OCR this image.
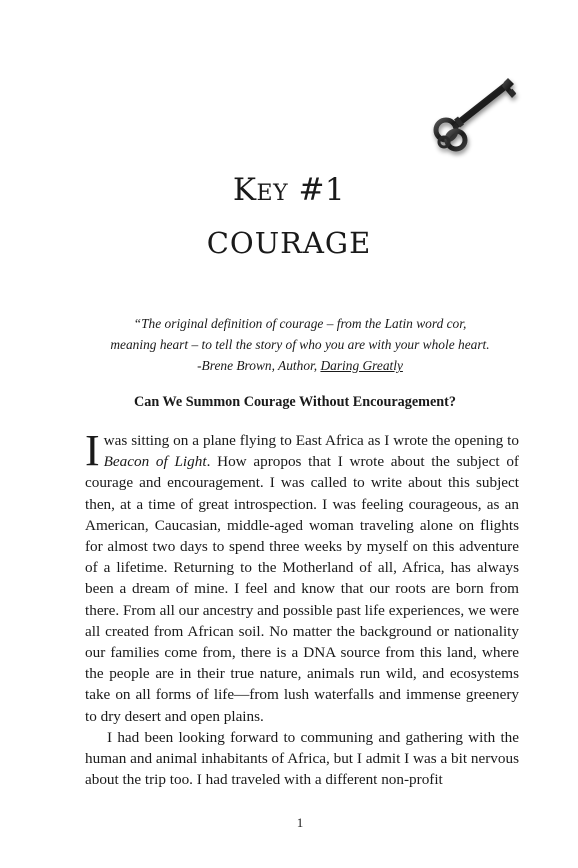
Key #1
COURAGE
“The original definition of courage – from the Latin word cor, meaning heart – to tell the story of who you are with your whole heart. -Brene Brown, Author, Daring Greatly
Can We Summon Courage Without Encouragement?

I was sitting on a plane flying to East Africa as I wrote the opening to Beacon of Light. How apropos that I wrote about the subject of courage and encouragement. I was called to write about this subject then, at a time of great introspection. I was feeling courageous, as an American, Caucasian, middle-aged woman traveling alone on flights for almost two days to spend three weeks by myself on this adventure of a lifetime. Returning to the Motherland of all, Africa, has always been a dream of mine. I feel and know that our roots are born from there. From all our ancestry and possible past life experiences, we were all created from African soil. No matter the background or nationality our families come from, there is a DNA source from this land, where the people are in their true nature, animals run wild, and ecosystems take on all forms of life—from lush waterfalls and immense greenery to dry desert and open plains.

I had been looking forward to communing and gathering with the human and animal inhabitants of Africa, but I admit I was a bit nervous about the trip too. I had traveled with a different non-profit

1
